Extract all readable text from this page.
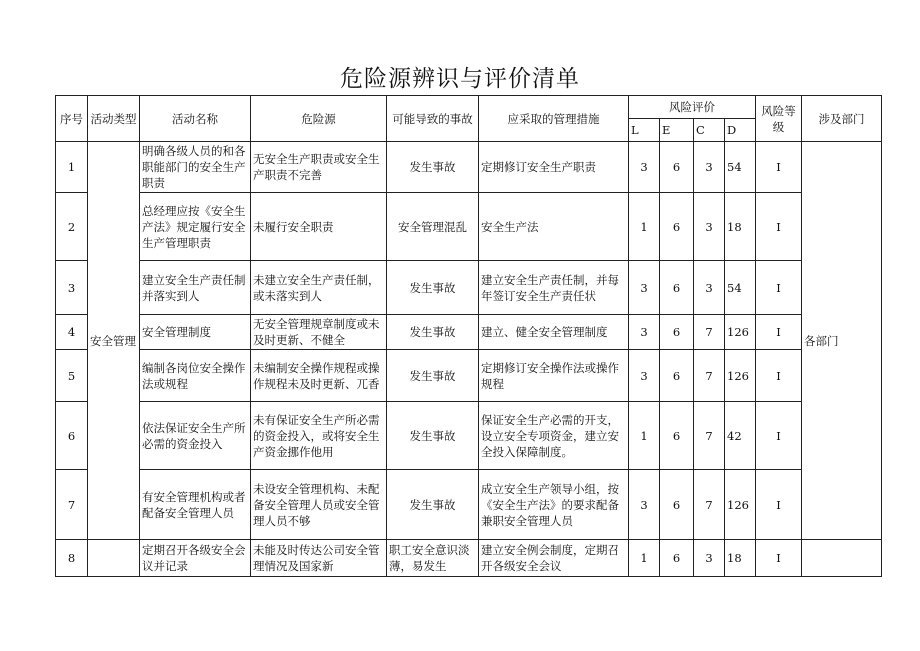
危险源辨识与评价清单
序号	活动类型	活动名称	危险源	可能导致的事故	应采取的管理措施	风险评价				风险等级	涉及部门
						L	E	C	D		
1	安全管理	明确各级人员的和各职能部门的安全生产职责	无安全生产职责或安全生产职责不完善	发生事故	定期修订安全生产职责	3	6	3	54	Ⅰ	各部门
2		总经理应按《安全生产法》规定履行安全生产管理职责	未履行安全职责	安全管理混乱	安全生产法	1	6	3	18	Ⅰ	
3		建立安全生产责任制并落实到人	未建立安全生产责任制，或未落实到人	发生事故	建立安全生产责任制，并每年签订安全生产责任状	3	6	3	54	Ⅰ	
4		安全管理制度	无安全管理规章制度或未及时更新、不健全	发生事故	建立、健全安全管理制度	3	6	7	126	Ⅰ	
5		编制各岗位安全操作法或规程	未编制安全操作规程或操作规程未及时更新、兀香	发生事故	定期修订安全操作法或操作规程	3	6	7	126	Ⅰ	
6		依法保证安全生产所必需的资金投入	未有保证安全生产所必需的资金投入，或将安全生产资金挪作他用	发生事故	保证安全生产必需的开支，设立安全专项资金，建立安全投入保障制度。	1	6	7	42	Ⅰ	
7		有安全管理机构或者配备安全管理人员	未设安全管理机构、未配备安全管理人员或安全管理人员不够	发生事故	成立安全生产领导小组，按《安全生产法》的要求配备兼职安全管理人员	3	6	7	126	Ⅰ	
8		定期召开各级安全会议并记录	未能及时传达公司安全管理情况及国家新	职工安全意识淡薄，易发生	建立安全例会制度，定期召开各级安全会议	1	6	3	18	Ⅰ	
